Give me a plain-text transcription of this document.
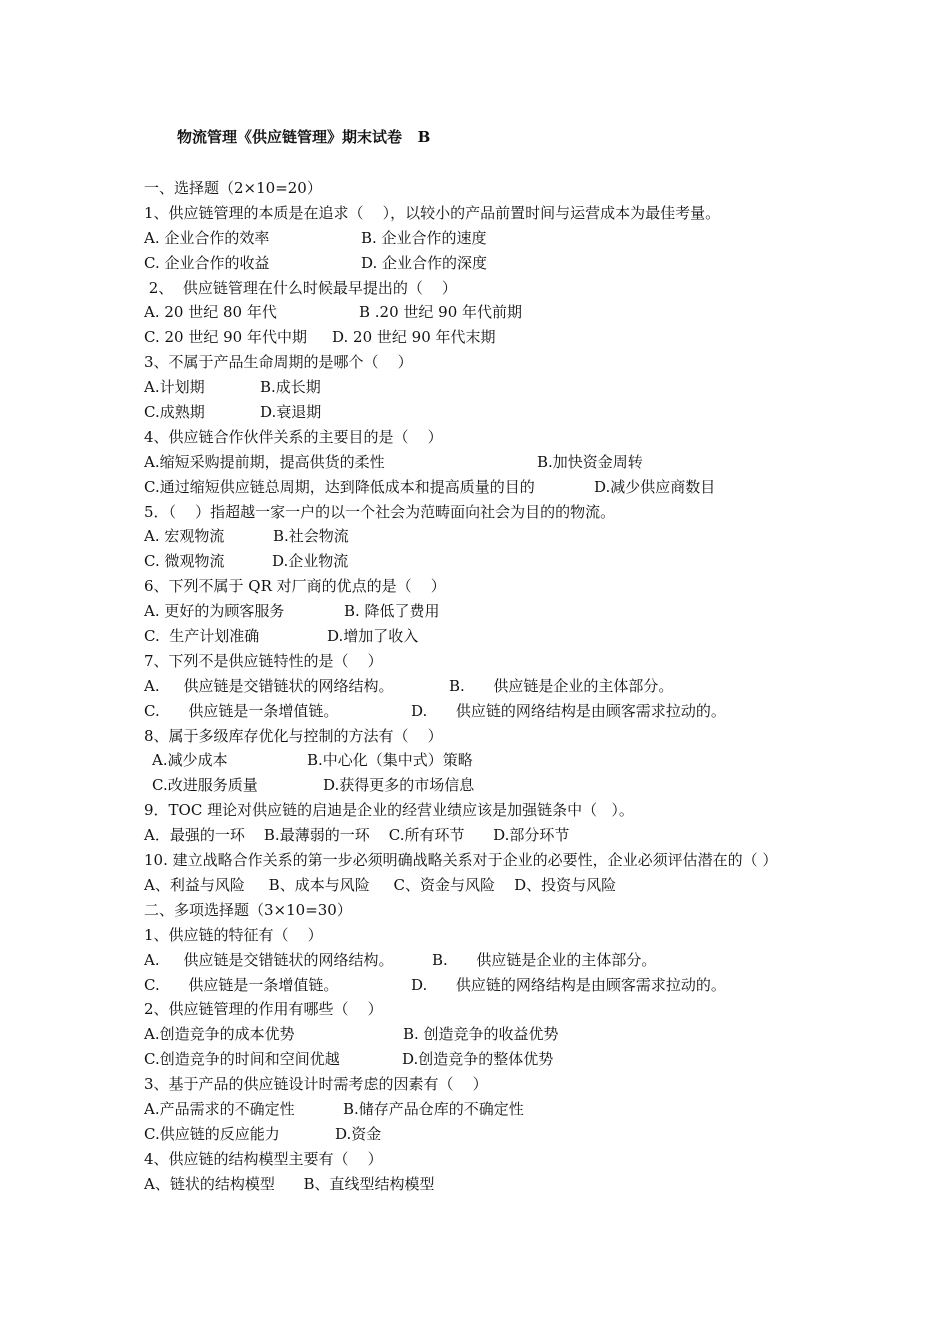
物流管理《供应链管理》期末试卷   B
一、选择题（2×10=20）
1、供应链管理的本质是在追求（    ），以较小的产品前置时间与运营成本为最佳考量。
A. 企业合作的效率	B. 企业合作的速度
C. 企业合作的收益	D. 企业合作的深度
2、  供应链管理在什么时候最早提出的（    ）
A. 20 世纪 80 年代	B .20 世纪 90 年代前期
C. 20 世纪 90 年代中期 D. 20 世纪 90 年代末期
3、不属于产品生命周期的是哪个（    ）
A.计划期	B.成长期
C.成熟期	D.衰退期
4、供应链合作伙伴关系的主要目的是（    ）
A.缩短采购提前期，提高供货的柔性	B.加快资金周转
C.通过缩短供应链总周期，达到降低成本和提高质量的目的	D.减少供应商数目
5．（    ）指超越一家一户的以一个社会为范畴面向社会为目的的物流。
A. 宏观物流	B.社会物流
C. 微观物流	D.企业物流
6、下列不属于 QR 对厂商的优点的是（    ）
A. 更好的为顾客服务	B. 降低了费用
C.  生产计划准确	D.增加了收入
7、下列不是供应链特性的是（    ）
A.     供应链是交错链状的网络结构。	B.      供应链是企业的主体部分。
C.      供应链是一条增值链。	D.      供应链的网络结构是由顾客需求拉动的。
8、属于多级库存优化与控制的方法有（    ）
A.减少成本	B.中心化（集中式）策略
C.改进服务质量	D.获得更多的市场信息
9．TOC 理论对供应链的启迪是企业的经营业绩应该是加强链条中（   ）。
A．最强的一环    B.最薄弱的一环    C.所有环节      D.部分环节
10. 建立战略合作关系的第一步必须明确战略关系对于企业的必要性，企业必须评估潜在的（ ）
A、利益与风险     B、成本与风险     C、资金与风险    D、投资与风险
二、多项选择题（3×10=30）
1、供应链的特征有（    ）
A.     供应链是交错链状的网络结构。	B.      供应链是企业的主体部分。
C.      供应链是一条增值链。	D.      供应链的网络结构是由顾客需求拉动的。
2、供应链管理的作用有哪些（    ）
A.创造竞争的成本优势	B. 创造竞争的收益优势
C.创造竞争的时间和空间优越	D.创造竞争的整体优势
3、基于产品的供应链设计时需考虑的因素有（    ）
A.产品需求的不确定性	B.储存产品仓库的不确定性
C.供应链的反应能力	D.资金
4、供应链的结构模型主要有（    ）
A、链状的结构模型      B、直线型结构模型
